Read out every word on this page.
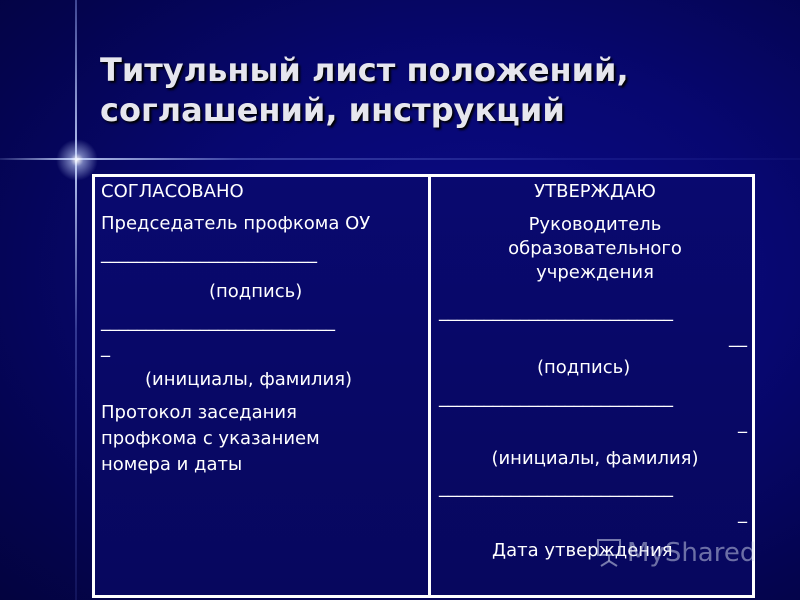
Титульный лист положений,
соглашений, инструкций
СОГЛАСОВАНО
Председатель профкома ОУ
________________________
(подпись)
__________________________
_
(инициалы, фамилия)
Протокол заседания
профкома с указанием
номера и даты
УТВЕРЖДАЮ
Руководитель
образовательного
учреждения
__________________________
__
(подпись)
__________________________
_
(инициалы, фамилия)
__________________________
_
Дата утверждения
MyShared
